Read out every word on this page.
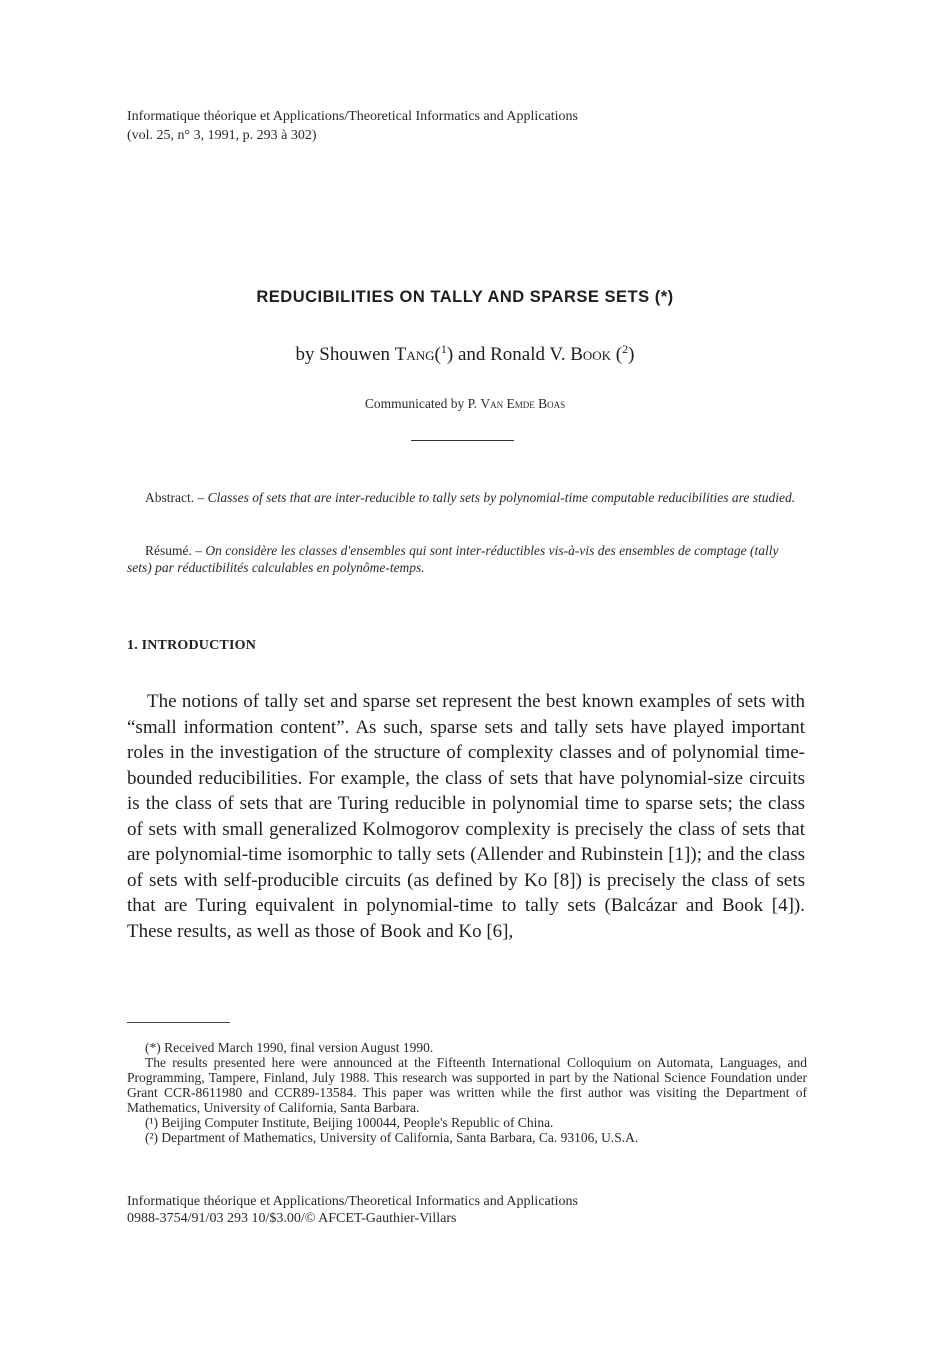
Informatique théorique et Applications/Theoretical Informatics and Applications
(vol. 25, n° 3, 1991, p. 293 à 302)
REDUCIBILITIES ON TALLY AND SPARSE SETS (*)
by Shouwen Tang($^1$) and Ronald V. Book ($^2$)
Communicated by P. Van Emde Boas
Abstract. – Classes of sets that are inter-reducible to tally sets by polynomial-time computable reducibilities are studied.
Résumé. – On considère les classes d'ensembles qui sont inter-réductibles vis-à-vis des ensembles de comptage (tally sets) par réductibilités calculables en polynôme-temps.
1. INTRODUCTION
The notions of tally set and sparse set represent the best known examples of sets with “small information content”. As such, sparse sets and tally sets have played important roles in the investigation of the structure of complexity classes and of polynomial time-bounded reducibilities. For example, the class of sets that have polynomial-size circuits is the class of sets that are Turing reducible in polynomial time to sparse sets; the class of sets with small generalized Kolmogorov complexity is precisely the class of sets that are polynomial-time isomorphic to tally sets (Allender and Rubinstein [1]); and the class of sets with self-producible circuits (as defined by Ko [8]) is precisely the class of sets that are Turing equivalent in polynomial-time to tally sets (Balcázar and Book [4]). These results, as well as those of Book and Ko [6],

(*) Received March 1990, final version August 1990.

The results presented here were announced at the Fifteenth International Colloquium on Automata, Languages, and Programming, Tampere, Finland, July 1988. This research was supported in part by the National Science Foundation under Grant CCR-8611980 and CCR89-13584. This paper was written while the first author was visiting the Department of Mathematics, University of California, Santa Barbara.

(¹) Beijing Computer Institute, Beijing 100044, People's Republic of China.

(²) Department of Mathematics, University of California, Santa Barbara, Ca. 93106, U.S.A.

Informatique théorique et Applications/Theoretical Informatics and Applications
0988-3754/91/03 293 10/$3.00/© AFCET-Gauthier-Villars
